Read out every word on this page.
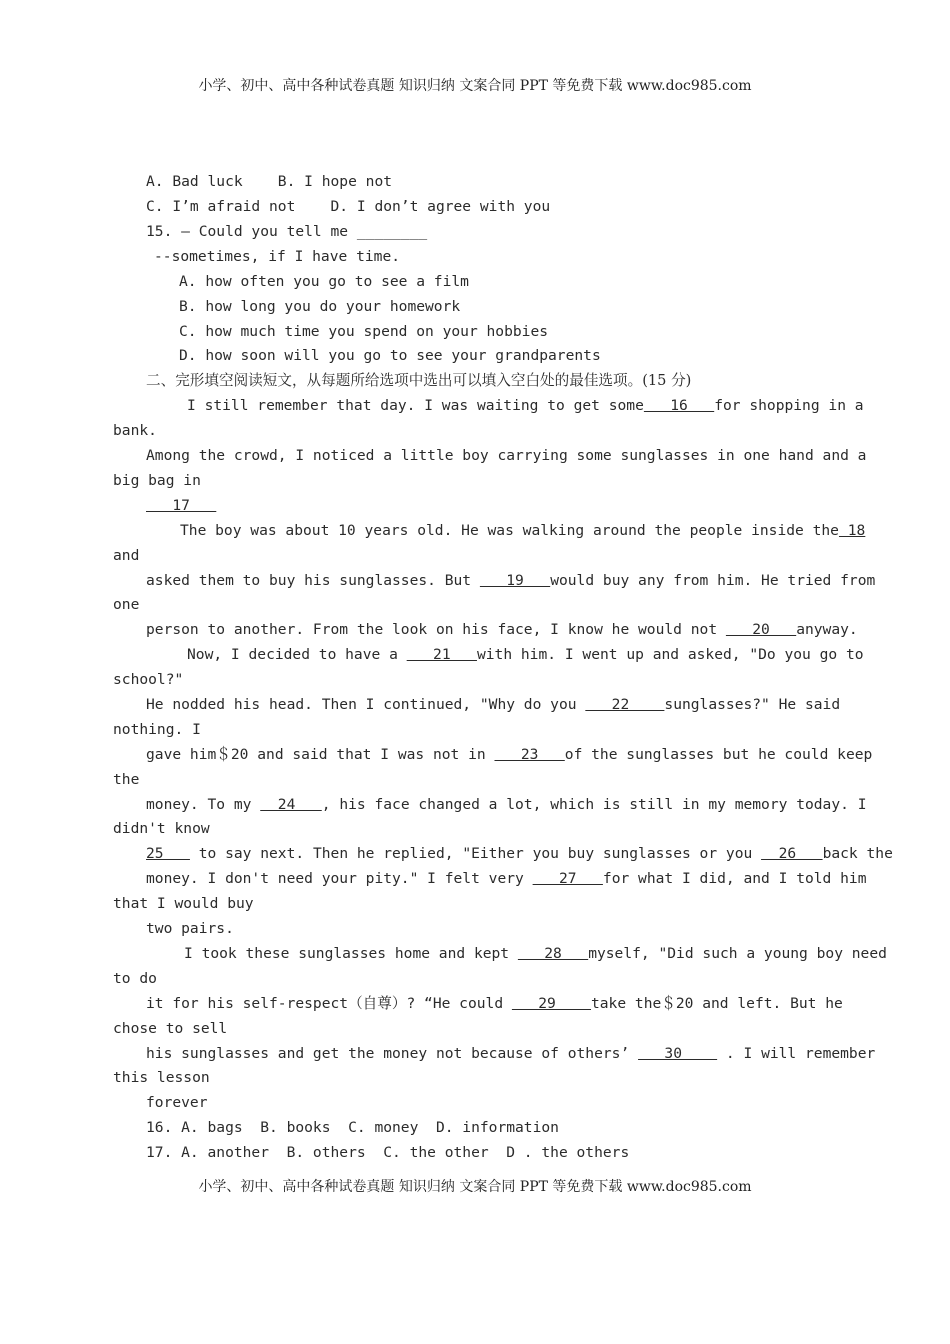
小学、初中、高中各种试卷真题 知识归纳 文案合同 PPT 等免费下载 www.doc985.com
A. Bad luck    B. I hope not
C. I’m afraid not    D. I don’t agree with you
15. — Could you tell me ________
--sometimes, if I have time.
A. how often you go to see a film
B. how long you do your homework
C. how much time you spend on your hobbies
D. how soon will you go to see your grandparents
二、完形填空阅读短文，从每题所给选项中选出可以填入空白处的最佳选项。(15 分)
I still remember that day. I was waiting to get some   16   for shopping in a
bank.
Among the crowd, I noticed a little boy carrying some sunglasses in one hand and a
big bag in
17
The boy was about 10 years old. He was walking around the people inside the 18
and
asked them to buy his sunglasses. But    19   would buy any from him. He tried from
one
person to another. From the look on his face, I know he would not    20   anyway.
Now, I decided to have a    21   with him. I went up and asked, "Do you go to
school?"
He nodded his head. Then I continued, "Why do you    22    sunglasses?" He said
nothing. I
gave him＄20 and said that I was not in    23   of the sunglasses but he could keep
the
money. To my   24   , his face changed a lot, which is still in my memory today. I
didn't know
25    to say next. Then he replied, "Either you buy sunglasses or you   26   back the
money. I don't need your pity." I felt very    27   for what I did, and I told him
that I would buy
two pairs.
I took these sunglasses home and kept    28   myself, "Did such a young boy need
to do
it for his self-respect（自尊）? “He could    29    take the＄20 and left. But he
chose to sell
his sunglasses and get the money not because of others’    30     . I will remember
this lesson
forever
16. A. bags  B. books  C. money  D. information
17. A. another  B. others  C. the other  D . the others
小学、初中、高中各种试卷真题 知识归纳 文案合同 PPT 等免费下载 www.doc985.com
